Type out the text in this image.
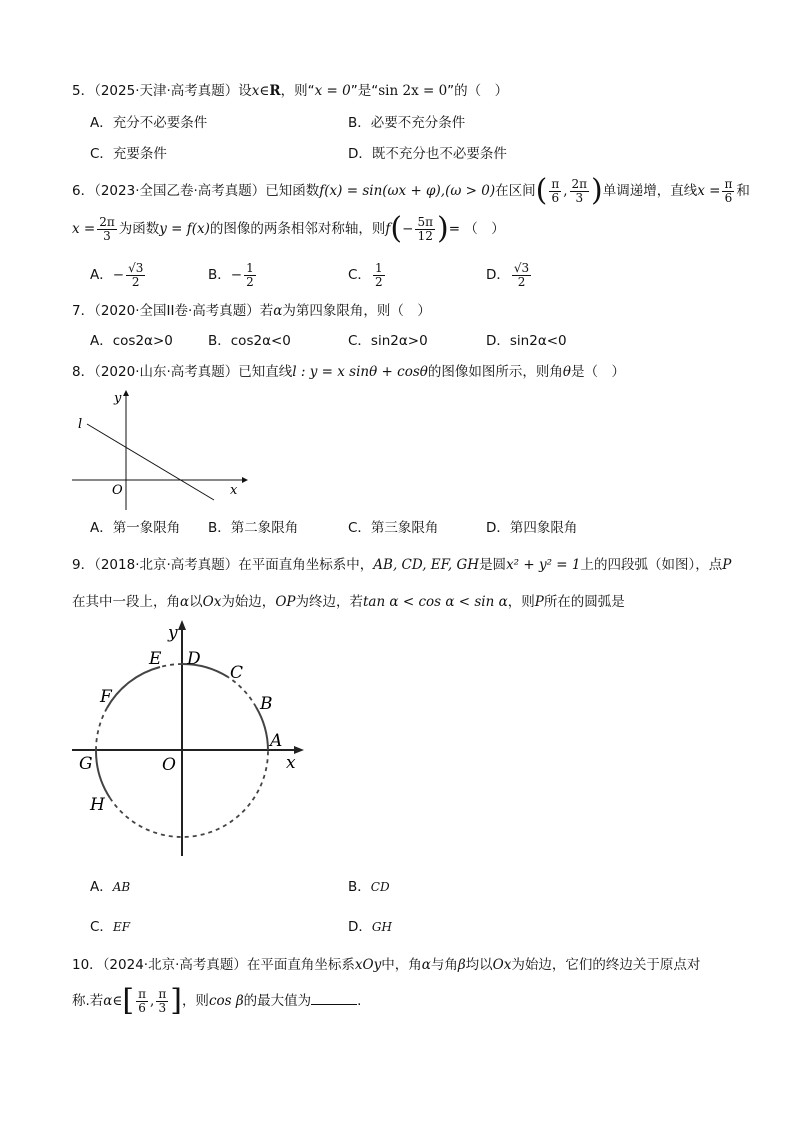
5．（2025·天津·高考真题）设x∈R，则“x = 0”是“sin 2x = 0”的（　）
A．充分不必要条件	B．必要不充分条件
C．充要条件	D．既不充分也不必要条件
6．（2023·全国乙卷·高考真题）已知函数f(x) = sin(ωx + φ),(ω > 0)在区间( $\frac{\pi}{6}$ , $\frac{2\pi}{3}$ )单调递增，直线$x = \frac{\pi}{6}$ 和
$x = \frac{2\pi}{3}$ 为函数y = f(x)的图像的两条相邻对称轴，则$f(- \frac{5\pi}{12}$ )= （　）
A．− $\frac{√3}{2}$	B．− $\frac{1}{2}$	C． $\frac{1}{2}$	D． $\frac{√3}{2}$
7．（2020·全国II卷·高考真题）若α为第四象限角，则（　）
A．cos2α>0	B．cos2α<0	C．sin2α>0	D．sin2α<0
8．（2020·山东·高考真题）已知直线l : y = x sinθ + cosθ的图像如图所示，则角θ是（　）
l
y
x
O
A．第一象限角 B．第二象限角	C．第三象限角	D．第四象限角
9．（2018·北京·高考真题）在平面直角坐标系中，AB, CD, EF, GH是圆x² + y² = 1上的四段弧（如图），点P
在其中一段上，角α以Ox为始边，OP为终边，若tan α < cos α < sin α，则P所在的圆弧是
A
B
C
D
E
F
G
H
O
y
x
A．AB	B．CD
C．EF	D．GH
10．（2024·北京·高考真题）在平面直角坐标系xOy中，角α与角β均以Ox为始边，它们的终边关于原点对
称.若α∈[ $\frac{\pi}{6}$ , $\frac{\pi}{3}$ ]，则cos β的最大值为	.
